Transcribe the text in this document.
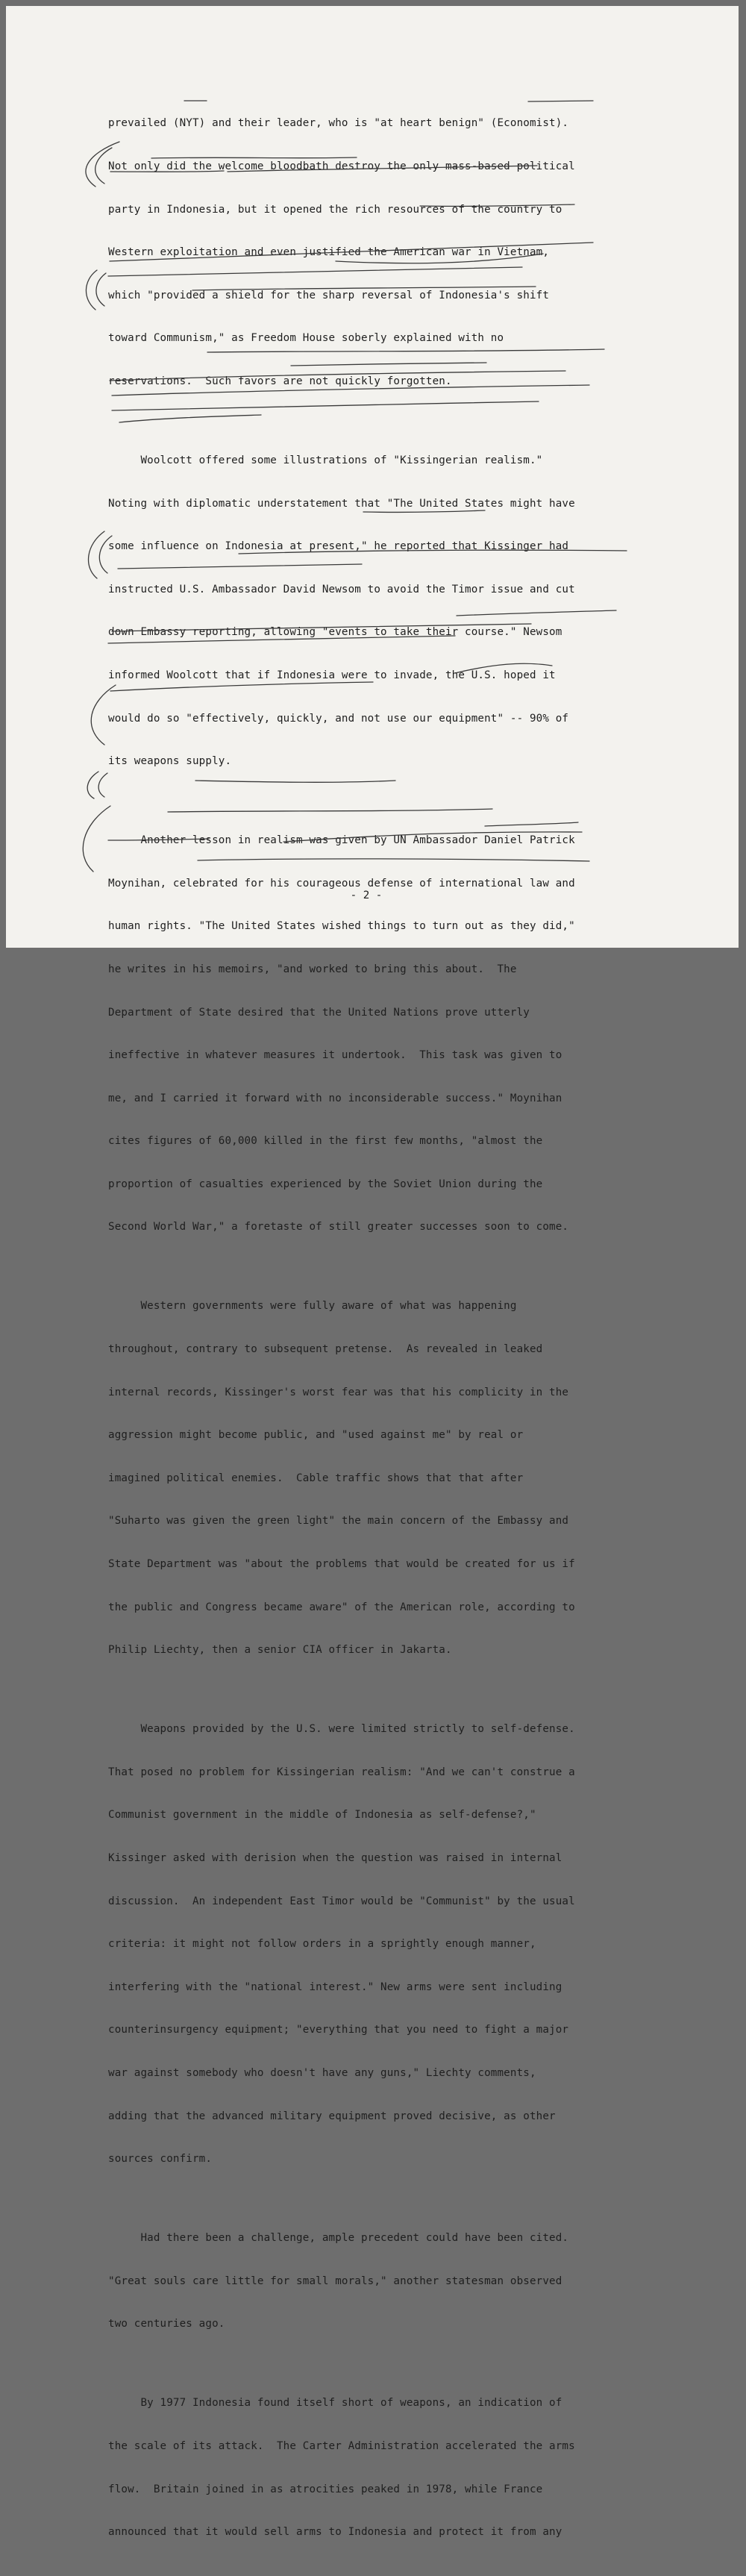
prevailed (NYT) and their leader, who is "at heart benign" (Economist).

Not only did the welcome bloodbath destroy the only mass-based political

party in Indonesia, but it opened the rich resources of the country to

Western exploitation and even justified the American war in Vietnam,

which "provided a shield for the sharp reversal of Indonesia's shift

toward Communism," as Freedom House soberly explained with no

reservations.  Such favors are not quickly forgotten.

Woolcott offered some illustrations of "Kissingerian realism."

Noting with diplomatic understatement that "The United States might have

some influence on Indonesia at present," he reported that Kissinger had

instructed U.S. Ambassador David Newsom to avoid the Timor issue and cut

down Embassy reporting, allowing "events to take their course." Newsom

informed Woolcott that if Indonesia were to invade, the U.S. hoped it

would do so "effectively, quickly, and not use our equipment" -- 90% of

its weapons supply.

Another lesson in realism was given by UN Ambassador Daniel Patrick

Moynihan, celebrated for his courageous defense of international law and

human rights. "The United States wished things to turn out as they did,"

he writes in his memoirs, "and worked to bring this about.  The

Department of State desired that the United Nations prove utterly

ineffective in whatever measures it undertook.  This task was given to

me, and I carried it forward with no inconsiderable success." Moynihan

cites figures of 60,000 killed in the first few months, "almost the

proportion of casualties experienced by the Soviet Union during the

Second World War," a foretaste of still greater successes soon to come.

Western governments were fully aware of what was happening

throughout, contrary to subsequent pretense.  As revealed in leaked

internal records, Kissinger's worst fear was that his complicity in the

aggression might become public, and "used against me" by real or

imagined political enemies.  Cable traffic shows that that after

"Suharto was given the green light" the main concern of the Embassy and

State Department was "about the problems that would be created for us if

the public and Congress became aware" of the American role, according to

Philip Liechty, then a senior CIA officer in Jakarta.

Weapons provided by the U.S. were limited strictly to self-defense.

That posed no problem for Kissingerian realism: "And we can't construe a

Communist government in the middle of Indonesia as self-defense?,"

Kissinger asked with derision when the question was raised in internal

discussion.  An independent East Timor would be "Communist" by the usual

criteria: it might not follow orders in a sprightly enough manner,

interfering with the "national interest." New arms were sent including

counterinsurgency equipment; "everything that you need to fight a major

war against somebody who doesn't have any guns," Liechty comments,

adding that the advanced military equipment proved decisive, as other

sources confirm.

Had there been a challenge, ample precedent could have been cited.

"Great souls care little for small morals," another statesman observed

two centuries ago.

By 1977 Indonesia found itself short of weapons, an indication of

the scale of its attack.  The Carter Administration accelerated the arms

flow.  Britain joined in as atrocities peaked in 1978, while France

announced that it would sell arms to Indonesia and protect it from any

- 2 -
